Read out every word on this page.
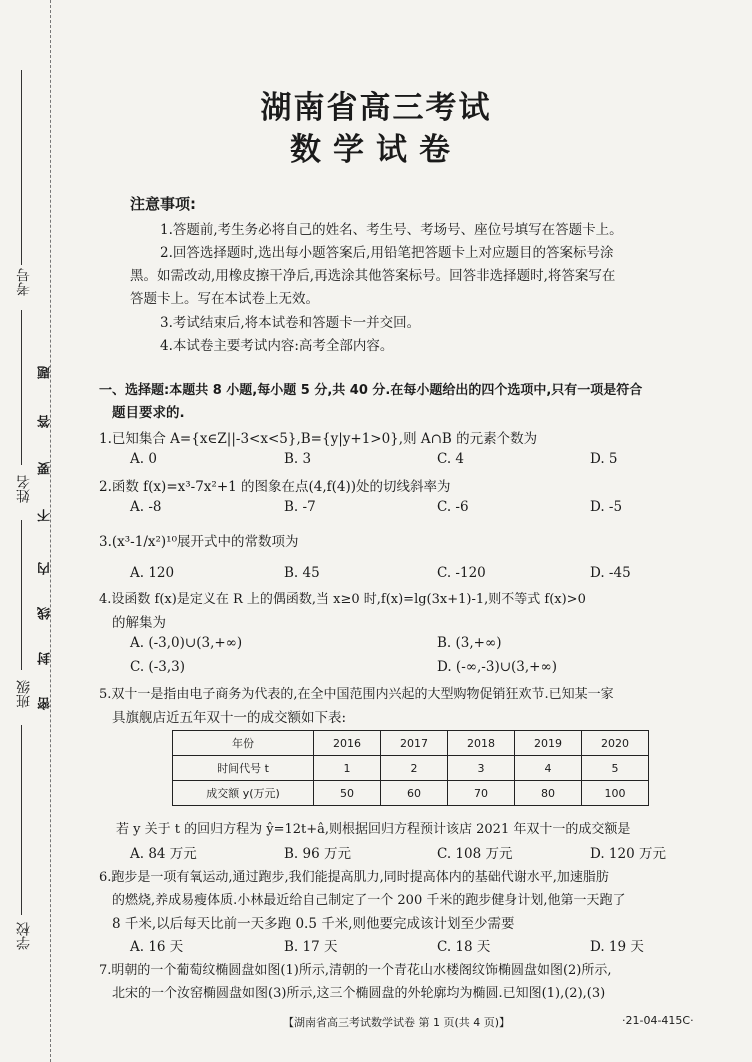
考号
姓名
班级
学校
密
封
线
内
不
要
答
题
湖南省高三考试
数学试卷
注意事项:
1.答题前,考生务必将自己的姓名、考生号、考场号、座位号填写在答题卡上。
2.回答选择题时,选出每小题答案后,用铅笔把答题卡上对应题目的答案标号涂
黑。如需改动,用橡皮擦干净后,再选涂其他答案标号。回答非选择题时,将答案写在
答题卡上。写在本试卷上无效。
3.考试结束后,将本试卷和答题卡一并交回。
4.本试卷主要考试内容:高考全部内容。
一、选择题:本题共 8 小题,每小题 5 分,共 40 分.在每小题给出的四个选项中,只有一项是符合
题目要求的.
1.已知集合 A={x∈Z||-3<x<5},B={y|y+1>0},则 A∩B 的元素个数为
A. 0	B. 3	C. 4	D. 5
2.函数 f(x)=x³-7x²+1 的图象在点(4,f(4))处的切线斜率为
A. -8	B. -7	C. -6	D. -5
3.(x³-1/x²)¹⁰展开式中的常数项为
A. 120	B. 45	C. -120	D. -45
4.设函数 f(x)是定义在 R 上的偶函数,当 x≥0 时,f(x)=lg(3x+1)-1,则不等式 f(x)>0
的解集为
A. (-3,0)∪(3,+∞)	B. (3,+∞)
C. (-3,3)	D. (-∞,-3)∪(3,+∞)
5.双十一是指由电子商务为代表的,在全中国范围内兴起的大型购物促销狂欢节.已知某一家
具旗舰店近五年双十一的成交额如下表:
年份	2016	2017	2018	2019	2020
时间代号 t	1	2	3	4	5
成交额 y(万元)	50	60	70	80	100
若 y 关于 t 的回归方程为 ŷ=12t+â,则根据回归方程预计该店 2021 年双十一的成交额是
A. 84 万元	B. 96 万元	C. 108 万元	D. 120 万元
6.跑步是一项有氧运动,通过跑步,我们能提高肌力,同时提高体内的基础代谢水平,加速脂肪
的燃烧,养成易瘦体质.小林最近给自己制定了一个 200 千米的跑步健身计划,他第一天跑了
8 千米,以后每天比前一天多跑 0.5 千米,则他要完成该计划至少需要
A. 16 天	B. 17 天	C. 18 天	D. 19 天
7.明朝的一个葡萄纹椭圆盘如图(1)所示,清朝的一个青花山水楼阁纹饰椭圆盘如图(2)所示,
北宋的一个汝窑椭圆盘如图(3)所示,这三个椭圆盘的外轮廓均为椭圆.已知图(1),(2),(3)
【湖南省高三考试数学试卷 第 1 页(共 4 页)】	·21-04-415C·
